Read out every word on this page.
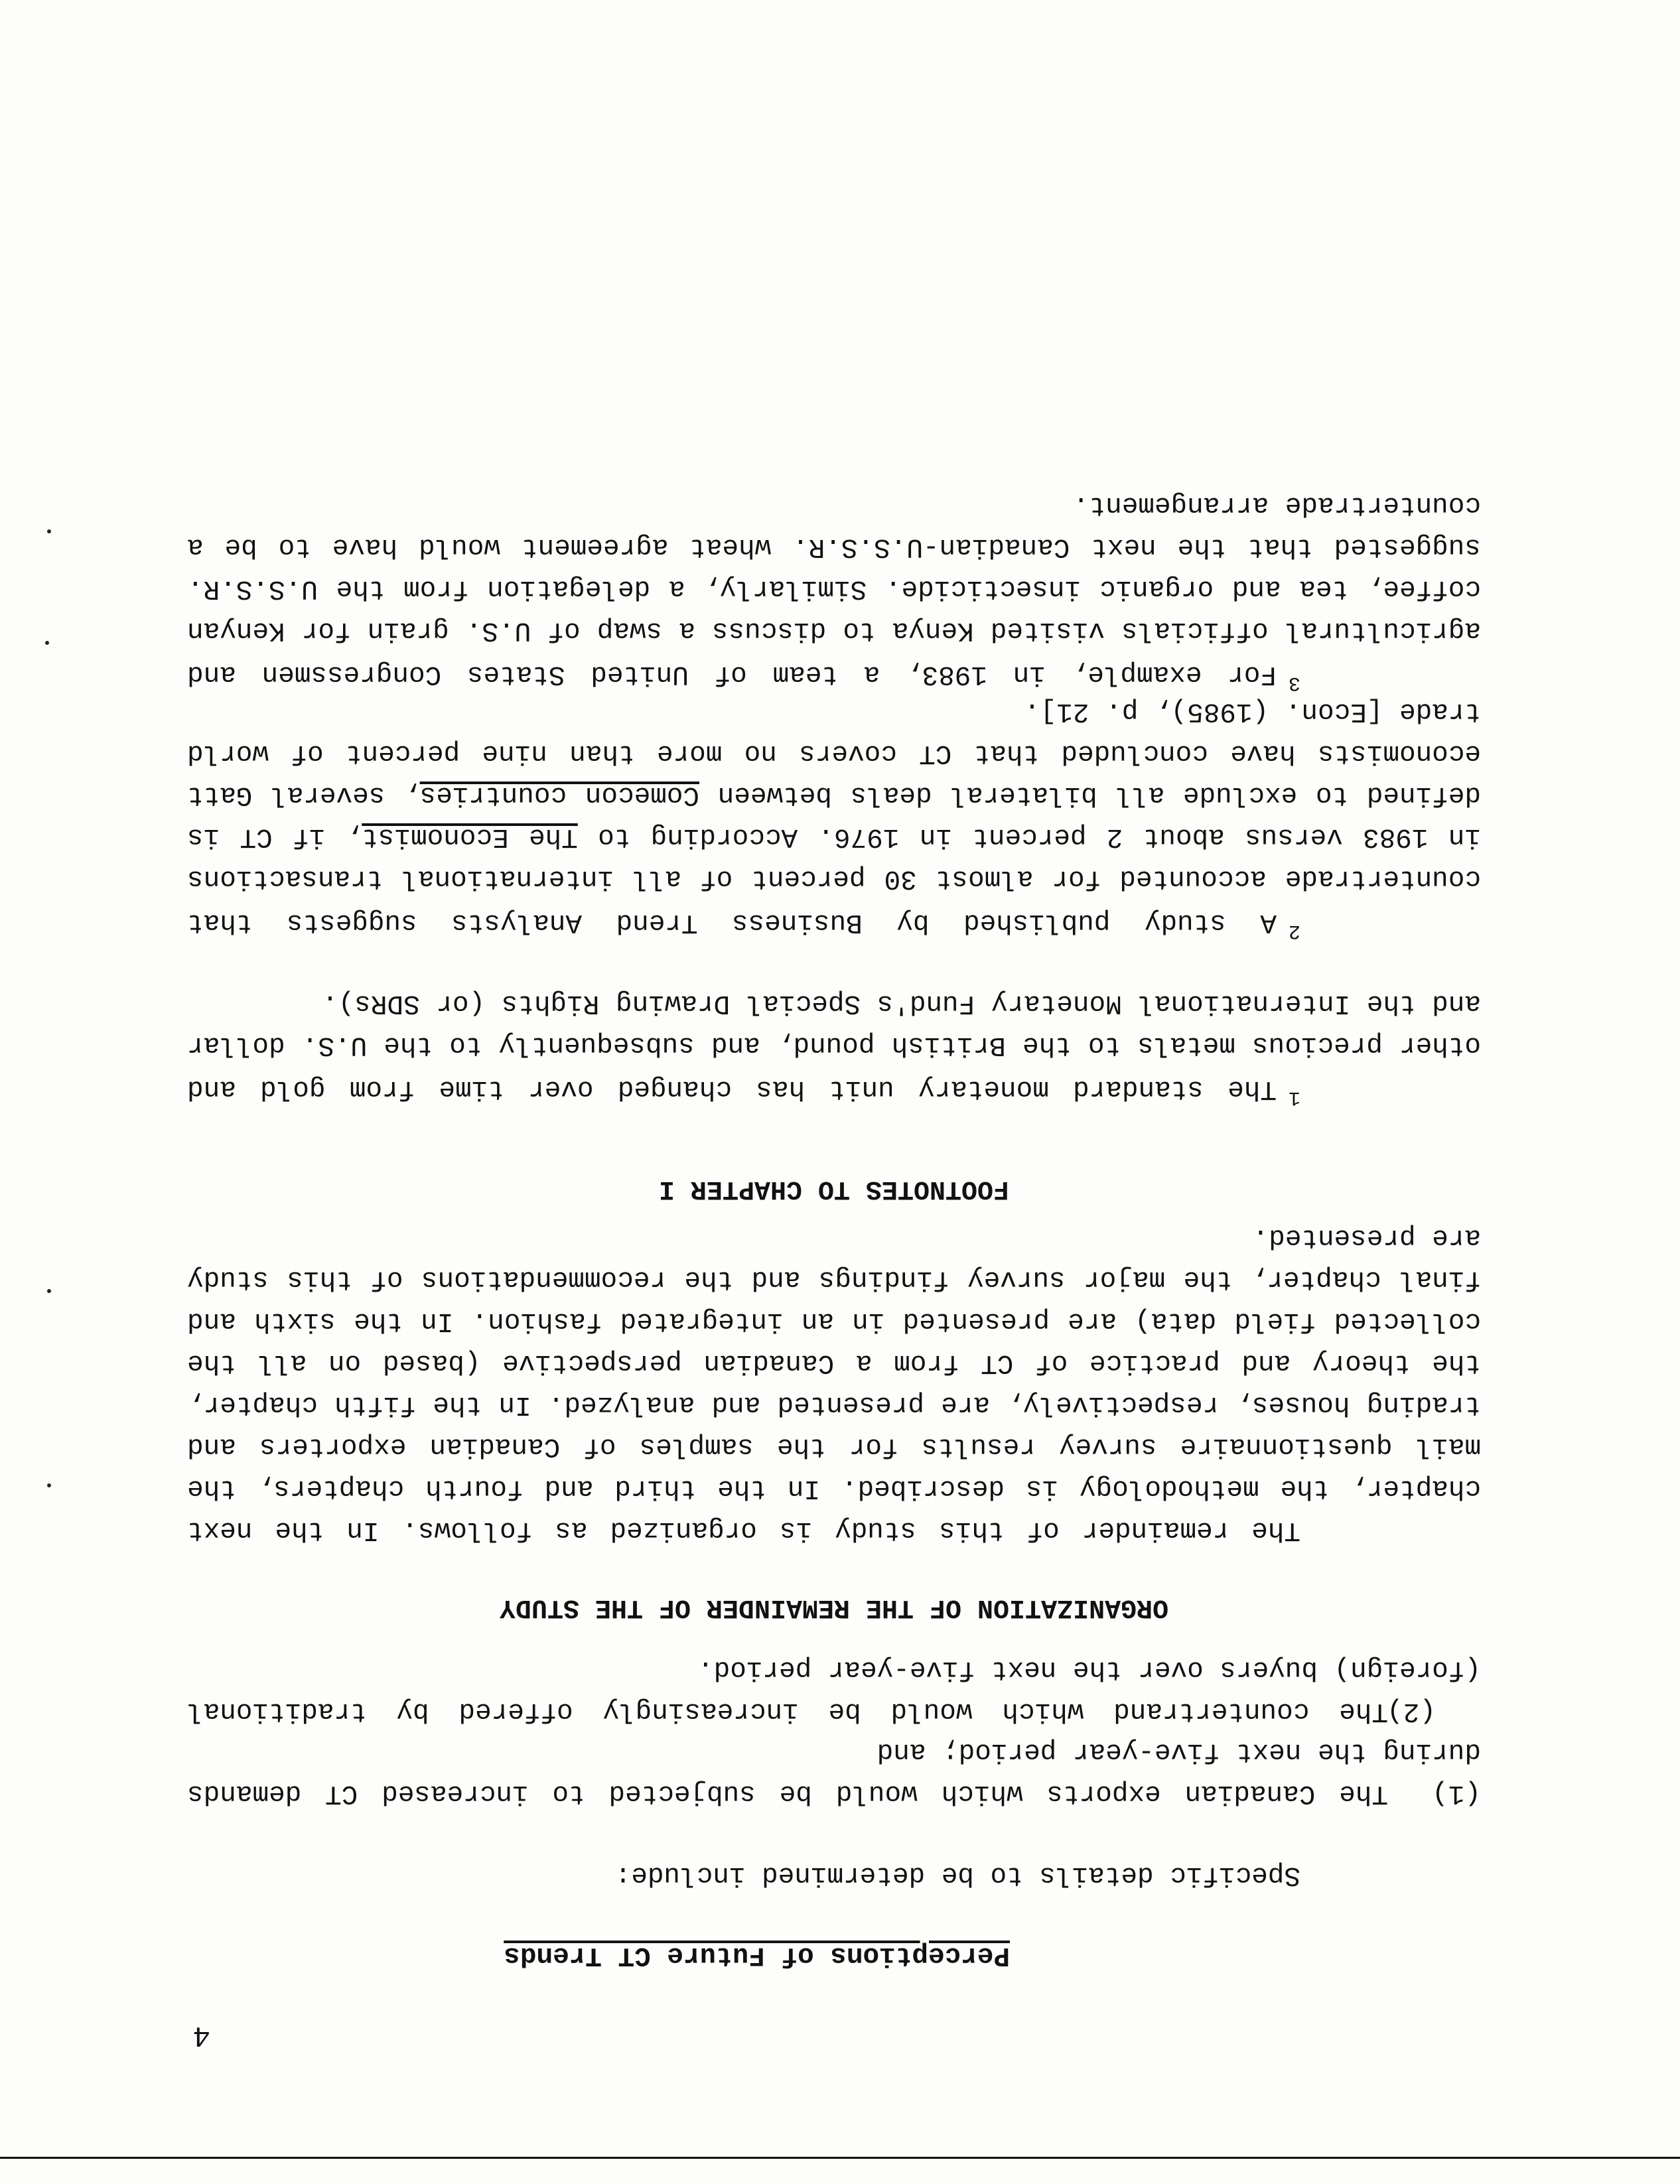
4
Perceptions of Future CT Trends
Specific details to be determined include:
(1)The Canadian exports which would be subjected to increased CT demands during the next five-year period; and
(2)The countertrand which would be increasingly offered by traditional (foreign) buyers over the next five-year period.
ORGANIZATION OF THE REMAINDER OF THE STUDY
The remainder of this study is organized as follows. In the next chapter, the methodology is described. In the third and fourth chapters, the mail questionnaire survey results for the samples of Canadian exporters and trading houses, respectively, are presented and analyzed. In the fifth chapter, the theory and practice of CT from a Canadian perspective (based on all the collected field data) are presented in an integrated fashion. In the sixth and final chapter, the major survey findings and the recommendations of this study are presented.
FOOTNOTES TO CHAPTER I
$^1$The standard monetary unit has changed over time from gold and other precious metals to the British pound, and subsequently to the U.S. dollar and the International Monetary Fund's Special Drawing Rights (or SDRs).
$^2$A study published by Business Trend Analysts suggests that countertrade accounted for almost 30 percent of all international transactions in 1983 versus about 2 percent in 1976. According to The Economist, if CT is defined to exclude all bilateral deals between Comecon countries, several Gatt economists have concluded that CT covers no more than nine percent of world trade [Econ. (1985), p. 21].
$^3$For example, in 1983, a team of United States Congressmen and agricultural officials visited Kenya to discuss a swap of U.S. grain for Kenyan coffee, tea and organic insecticide. Similarly, a delegation from the U.S.S.R. suggested that the next Canadian-U.S.S.R. wheat agreement would have to be a countertrade arrangement.
